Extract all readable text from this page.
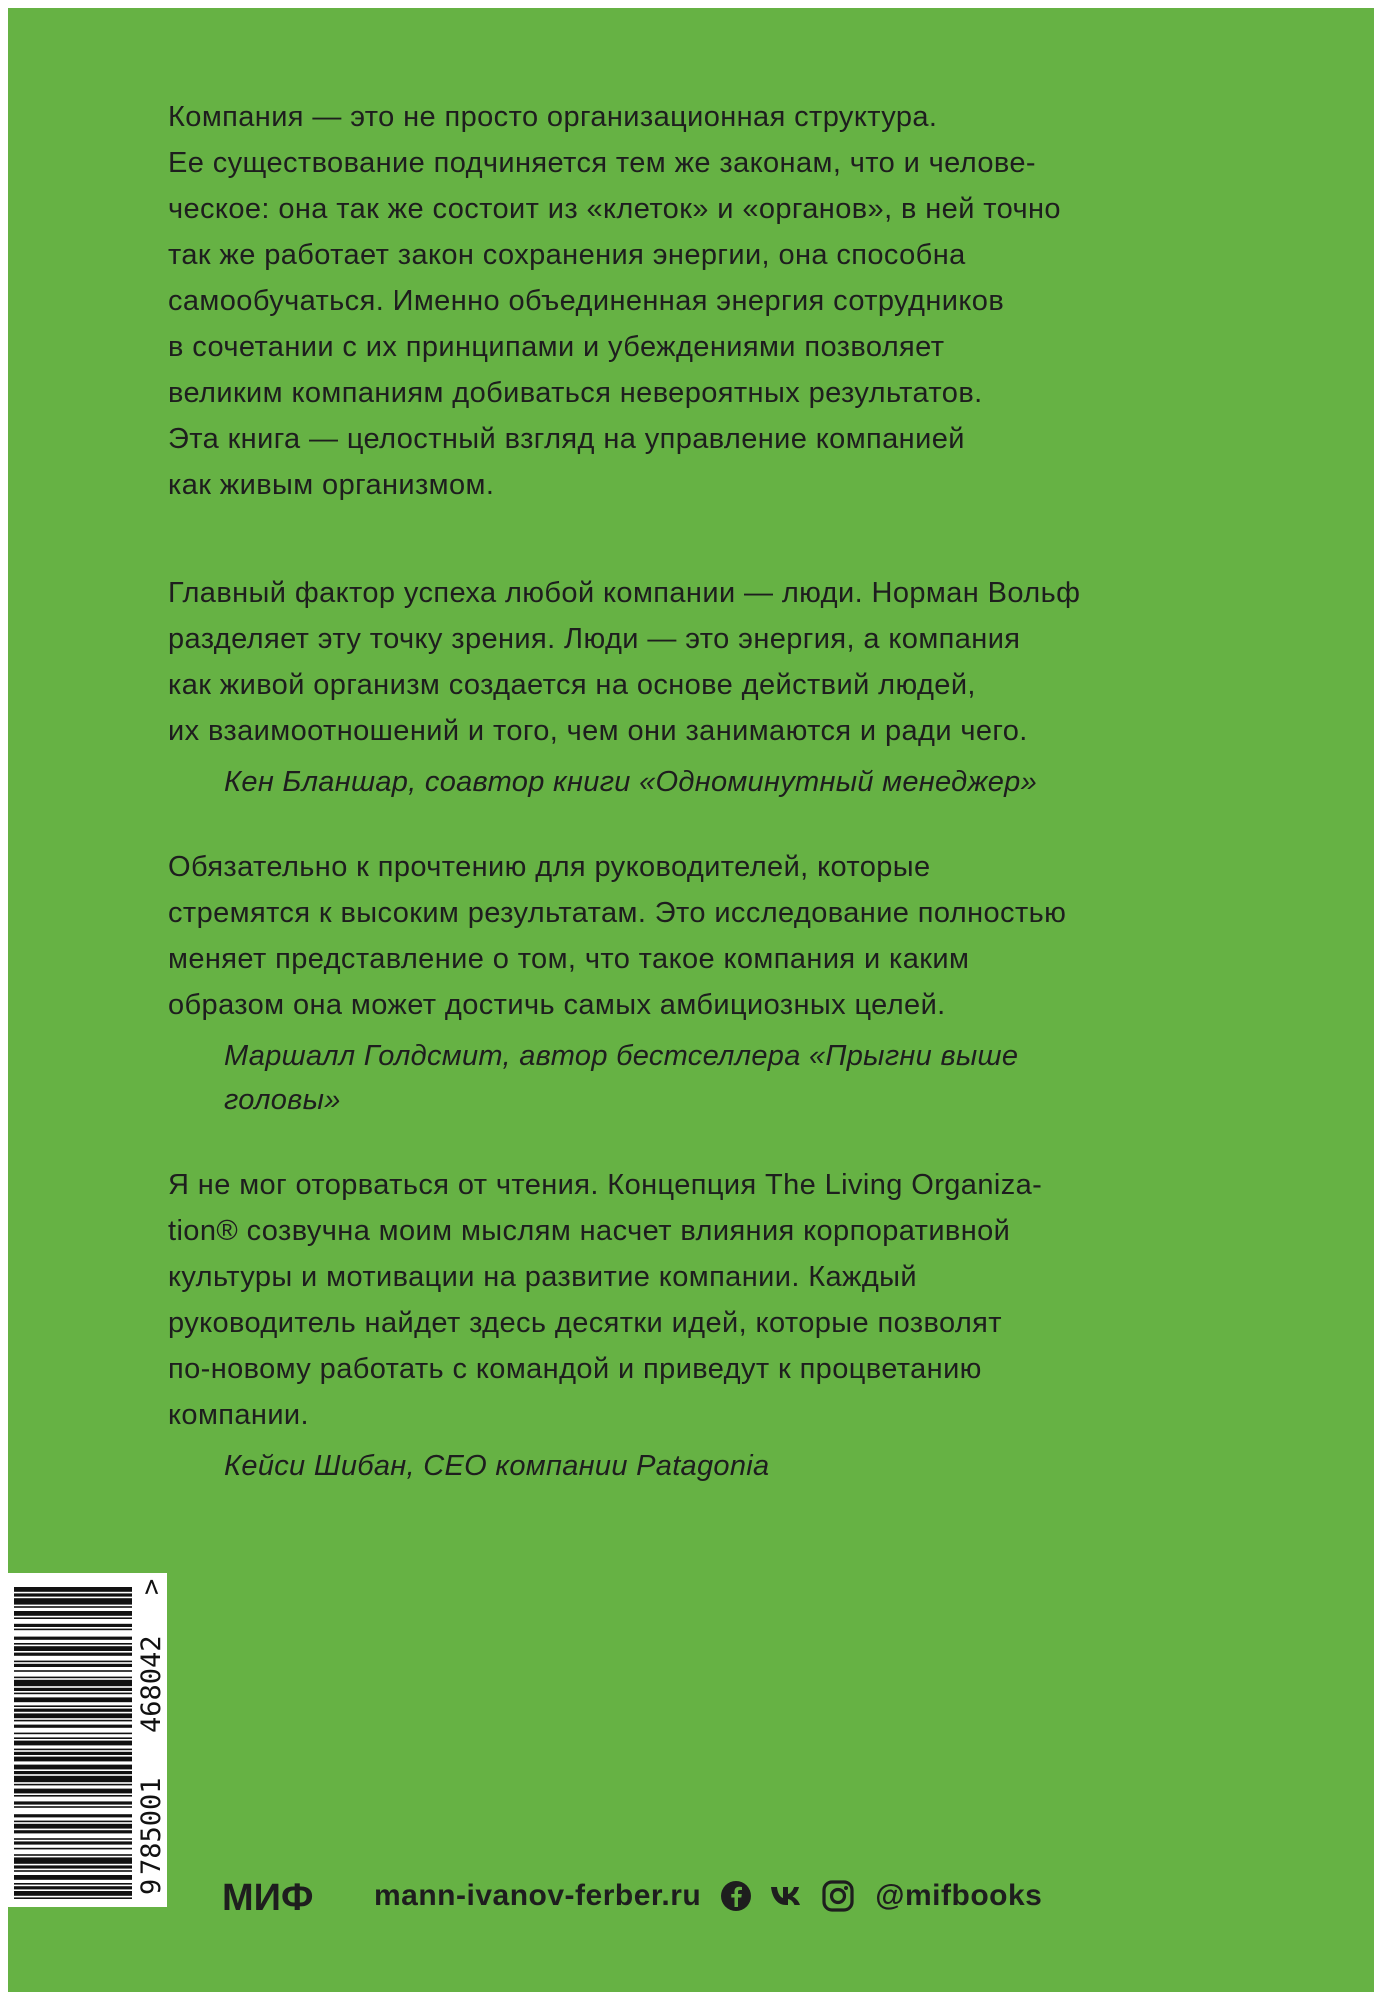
Компания — это не просто организационная структура.
Ее существование подчиняется тем же законам, что и челове-
ческое: она так же состоит из «клеток» и «органов», в ней точно
так же работает закон сохранения энергии, она способна
самообучаться. Именно объединенная энергия сотрудников
в сочетании с их принципами и убеждениями позволяет
великим компаниям добиваться невероятных результатов.
Эта книга — целостный взгляд на управление компанией
как живым организмом.

Главный фактор успеха любой компании — люди. Норман Вольф
разделяет эту точку зрения. Люди — это энергия, а компания
как живой организм создается на основе действий людей,
их взаимоотношений и того, чем они занимаются и ради чего.

Кен Бланшар, соавтор книги «Одноминутный менеджер»

Обязательно к прочтению для руководителей, которые
стремятся к высоким результатам. Это исследование полностью
меняет представление о том, что такое компания и каким
образом она может достичь самых амбициозных целей.

Маршалл Голдсмит, автор бестселлера «Прыгни выше
головы»

Я не мог оторваться от чтения. Концепция The Living Organiza-
tion® созвучна моим мыслям насчет влияния корпоративной
культуры и мотивации на развитие компании. Каждый
руководитель найдет здесь десятки идей, которые позволят
по-новому работать с командой и приведут к процветанию
компании.

Кейси Шибан, CEO компании Patagonia

9
785001
468042
>
МИФ mann-ivanov-ferber.ru	@mifbooks
